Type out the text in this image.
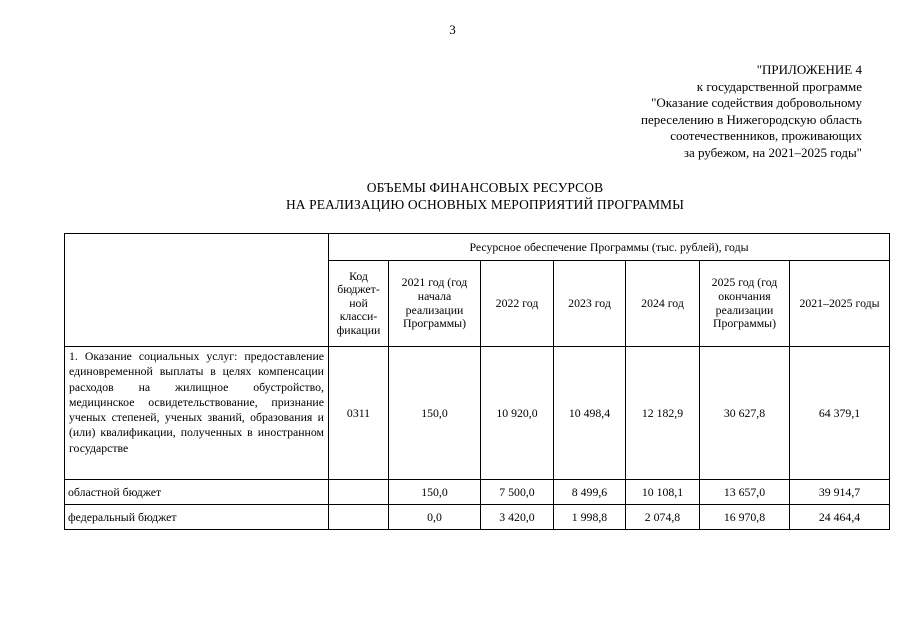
3
"ПРИЛОЖЕНИЕ 4
к государственной программе
"Оказание содействия добровольному
переселению в Нижегородскую область
соотечественников, проживающих
за рубежом, на 2021–2025 годы"
ОБЪЕМЫ ФИНАНСОВЫХ РЕСУРСОВ
НА РЕАЛИЗАЦИЮ ОСНОВНЫХ МЕРОПРИЯТИЙ ПРОГРАММЫ
	Ресурсное обеспечение Программы (тыс. рублей), годы						
	Код бюджет-ной класси-фикации	2021 год (год начала реализации Программы)	2022 год	2023 год	2024 год	2025 год (год окончания реализации Программы)	2021–2025 годы
1. Оказание социальных услуг: предоставление единовременной выплаты в целях компенсации расходов на жилищное обустройство, медицинское освидетельствование, признание ученых степеней, ученых званий, образования и (или) квалификации, полученных в иностранном государстве	0311	150,0	10 920,0	10 498,4	12 182,9	30 627,8	64 379,1
областной бюджет		150,0	7 500,0	8 499,6	10 108,1	13 657,0	39 914,7
федеральный бюджет		0,0	3 420,0	1 998,8	2 074,8	16 970,8	24 464,4
